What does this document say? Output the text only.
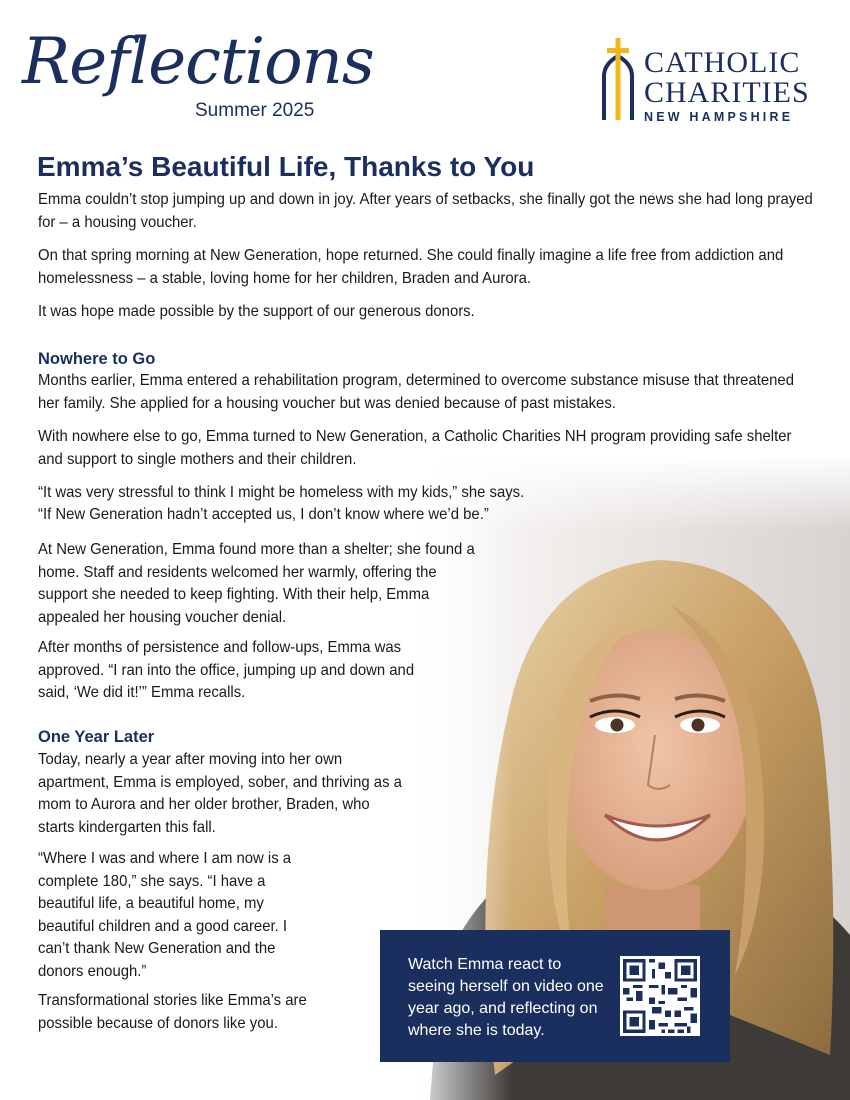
Reflections
Summer 2025
CATHOLIC
CHARITIES
NEW HAMPSHIRE
Emma’s Beautiful Life, Thanks to You

Emma couldn’t stop jumping up and down in joy. After years of setbacks, she finally got the news she had long prayed for – a housing voucher.

On that spring morning at New Generation, hope returned. She could finally imagine a life free from addiction and homelessness – a stable, loving home for her children, Braden and Aurora.

It was hope made possible by the support of our generous donors.

Nowhere to Go

Months earlier, Emma entered a rehabilitation program, determined to overcome substance misuse that threatened her family. She applied for a housing voucher but was denied because of past mistakes.

With nowhere else to go, Emma turned to New Generation, a Catholic Charities NH program providing safe shelter and support to single mothers and their children.

“It was very stressful to think I might be homeless with my kids,” she says.

“If New Generation hadn’t accepted us, I don’t know where we’d be.”

At New Generation, Emma found more than a shelter; she found a home. Staff and residents welcomed her warmly, offering the support she needed to keep fighting. With their help, Emma appealed her housing voucher denial.

After months of persistence and follow-ups, Emma was approved. “I ran into the office, jumping up and down and said, ‘We did it!’” Emma recalls.

One Year Later

Today, nearly a year after moving into her own apartment, Emma is employed, sober, and thriving as a mom to Aurora and her older brother, Braden, who starts kindergarten this fall.

“Where I was and where I am now is a complete 180,” she says. “I have a beautiful life, a beautiful home, my beautiful children and a good career. I can’t thank New Generation and the donors enough.”

Transformational stories like Emma’s are possible because of donors like you.

Watch Emma react to seeing herself on video one year ago, and reflecting on where she is today.
